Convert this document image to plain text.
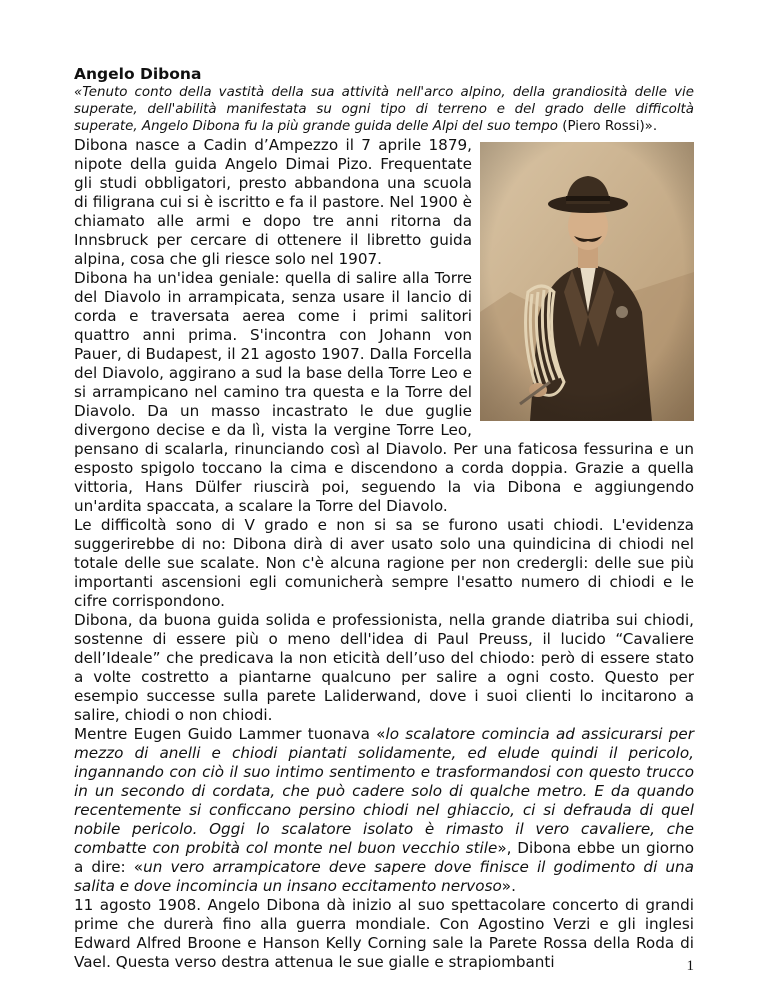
Angelo Dibona

«Tenuto conto della vastità della sua attività nell'arco alpino, della grandiosità delle vie superate, dell'abilità manifestata su ogni tipo di terreno e del grado delle difficoltà superate, Angelo Dibona fu la più grande guida delle Alpi del suo tempo (Piero Rossi)».

Dibona nasce a Cadin d’Ampezzo il 7 aprile 1879, nipote della guida Angelo Dimai Pizo. Frequentate gli studi obbligatori, presto abbandona una scuola di filigrana cui si è iscritto e fa il pastore. Nel 1900 è chiamato alle armi e dopo tre anni ritorna da Innsbruck per cercare di ottenere il libretto guida alpina, cosa che gli riesce solo nel 1907.

Dibona ha un'idea geniale: quella di salire alla Torre del Diavolo in arrampicata, senza usare il lancio di corda e traversata aerea come i primi salitori quattro anni prima. S'incontra con Johann von Pauer, di Budapest, il 21 agosto 1907. Dalla Forcella del Diavolo, aggirano a sud la base della Torre Leo e si arrampicano nel camino tra questa e la Torre del Diavolo. Da un masso incastrato le due guglie divergono decise e da lì, vista la vergine Torre Leo, pensano di scalarla, rinunciando così al Diavolo. Per una faticosa fessurina e un esposto spigolo toccano la cima e discendono a corda doppia. Grazie a quella vittoria, Hans Dülfer riuscirà poi, seguendo la via Dibona e aggiungendo un'ardita spaccata, a scalare la Torre del Diavolo.

Le difficoltà sono di V grado e non si sa se furono usati chiodi. L'evidenza suggerirebbe di no: Dibona dirà di aver usato solo una quindicina di chiodi nel totale delle sue scalate. Non c'è alcuna ragione per non credergli: delle sue più importanti ascensioni egli comunicherà sempre l'esatto numero di chiodi e le cifre corrispondono.

Dibona, da buona guida solida e professionista, nella grande diatriba sui chiodi, sostenne di essere più o meno dell'idea di Paul Preuss, il lucido “Cavaliere dell’Ideale” che predicava la non eticità dell’uso del chiodo: però di essere stato a volte costretto a piantarne qualcuno per salire a ogni costo. Questo per esempio successe sulla parete Laliderwand, dove i suoi clienti lo incitarono a salire, chiodi o non chiodi.

Mentre Eugen Guido Lammer tuonava «lo scalatore comincia ad assicurarsi per mezzo di anelli e chiodi piantati solidamente, ed elude quindi il pericolo, ingannando con ciò il suo intimo sentimento e trasformandosi con questo trucco in un secondo di cordata, che può cadere solo di qualche metro. E da quando recentemente si conficcano persino chiodi nel ghiaccio, ci si defrauda di quel nobile pericolo. Oggi lo scalatore isolato è rimasto il vero cavaliere, che combatte con probità col monte nel buon vecchio stile», Dibona ebbe un giorno a dire: «un vero arrampicatore deve sapere dove finisce il godimento di una salita e dove incomincia un insano eccitamento nervoso».

11 agosto 1908. Angelo Dibona dà inizio al suo spettacolare concerto di grandi prime che durerà fino alla guerra mondiale. Con Agostino Verzi e gli inglesi Edward Alfred Broone e Hanson Kelly Corning sale la Parete Rossa della Roda di Vael. Questa verso destra attenua le sue gialle e strapiombanti	1
